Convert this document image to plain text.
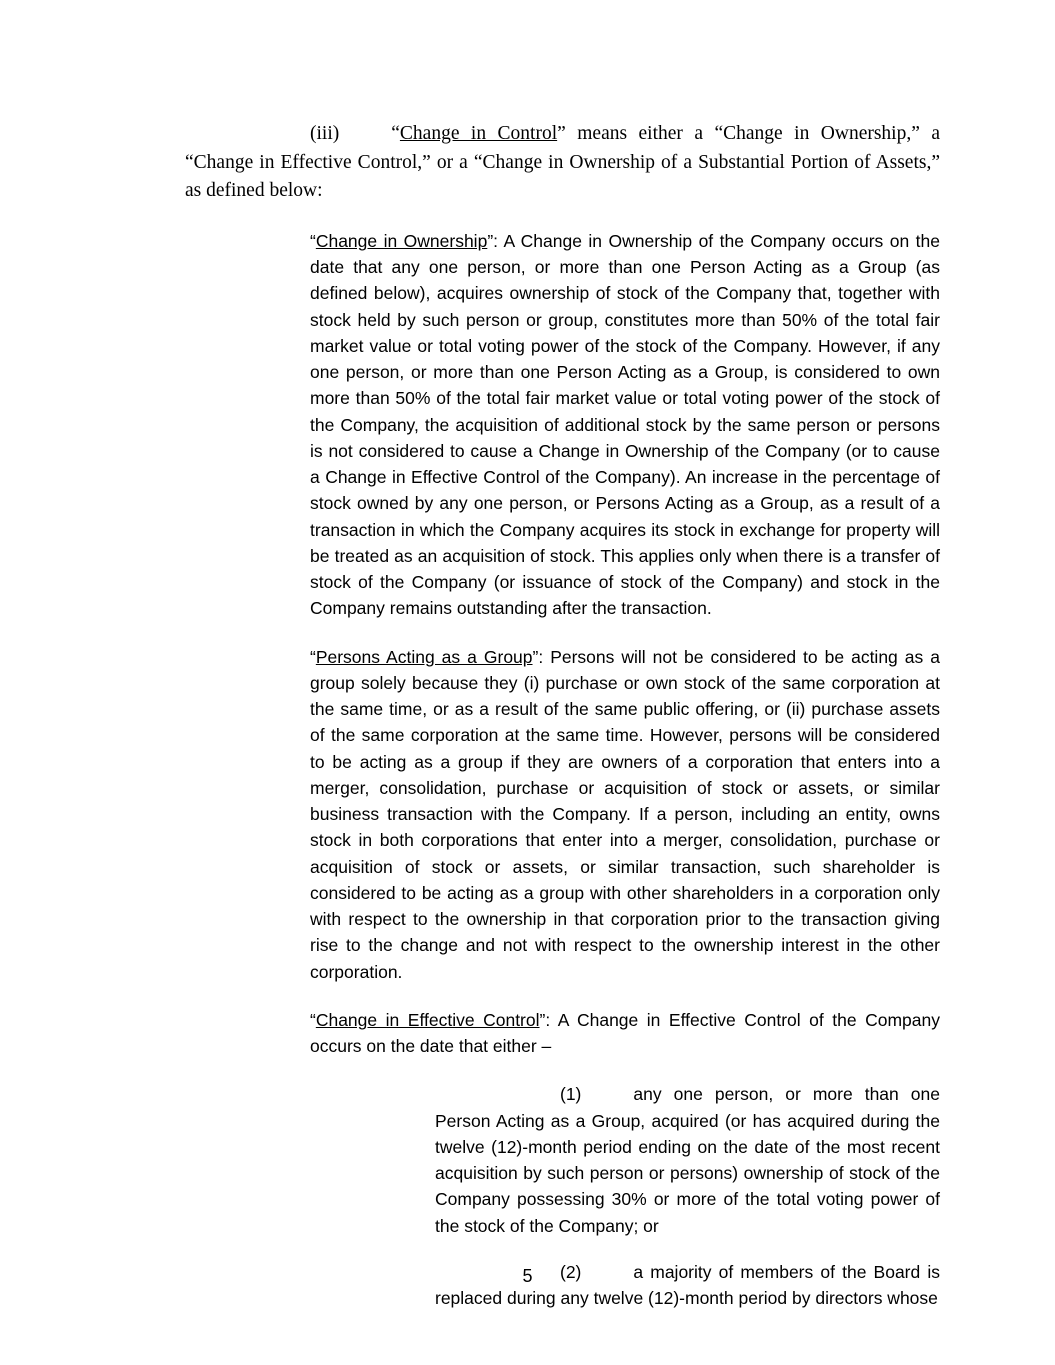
(iii)	“Change in Control” means either a “Change in Ownership,” a “Change in Effective Control,” or a “Change in Ownership of a Substantial Portion of Assets,” as defined below:

“Change in Ownership”: A Change in Ownership of the Company occurs on the date that any one person, or more than one Person Acting as a Group (as defined below), acquires ownership of stock of the Company that, together with stock held by such person or group, constitutes more than 50% of the total fair market value or total voting power of the stock of the Company. However, if any one person, or more than one Person Acting as a Group, is considered to own more than 50% of the total fair market value or total voting power of the stock of the Company, the acquisition of additional stock by the same person or persons is not considered to cause a Change in Ownership of the Company (or to cause a Change in Effective Control of the Company). An increase in the percentage of stock owned by any one person, or Persons Acting as a Group, as a result of a transaction in which the Company acquires its stock in exchange for property will be treated as an acquisition of stock. This applies only when there is a transfer of stock of the Company (or issuance of stock of the Company) and stock in the Company remains outstanding after the transaction.

“Persons Acting as a Group”: Persons will not be considered to be acting as a group solely because they (i) purchase or own stock of the same corporation at the same time, or as a result of the same public offering, or (ii) purchase assets of the same corporation at the same time. However, persons will be considered to be acting as a group if they are owners of a corporation that enters into a merger, consolidation, purchase or acquisition of stock or assets, or similar business transaction with the Company. If a person, including an entity, owns stock in both corporations that enter into a merger, consolidation, purchase or acquisition of stock or assets, or similar transaction, such shareholder is considered to be acting as a group with other shareholders in a corporation only with respect to the ownership in that corporation prior to the transaction giving rise to the change and not with respect to the ownership interest in the other corporation.

“Change in Effective Control”: A Change in Effective Control of the Company occurs on the date that either –

(1)	any one person, or more than one Person Acting as a Group, acquired (or has acquired during the twelve (12)-month period ending on the date of the most recent acquisition by such person or persons) ownership of stock of the Company possessing 30% or more of the total voting power of the stock of the Company; or

(2)	a majority of members of the Board is replaced during any twelve (12)-month period by directors whose

5
